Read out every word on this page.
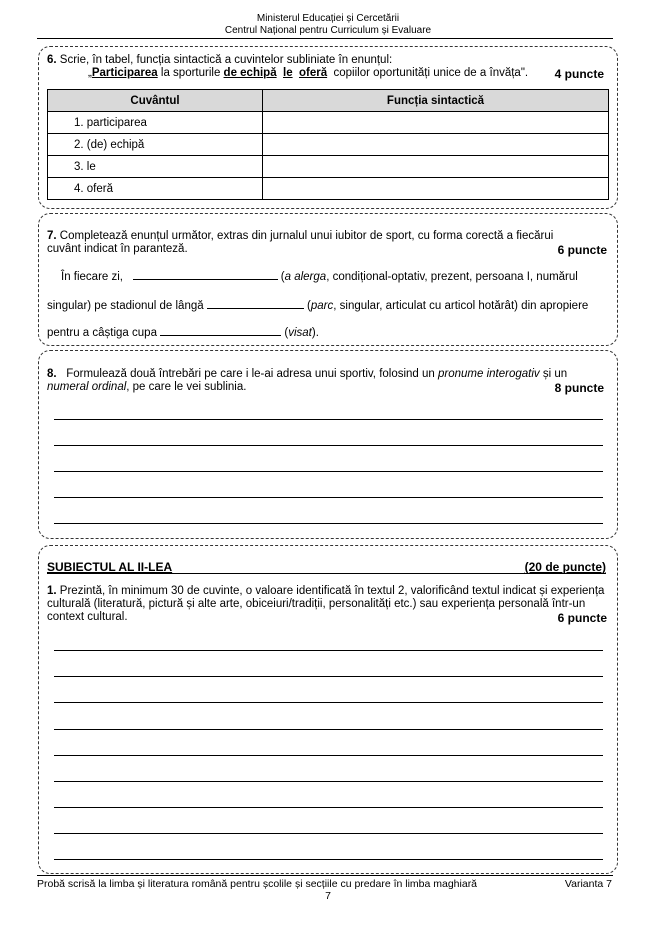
Ministerul Educației și Cercetării
Centrul Național pentru Curriculum și Evaluare
6. Scrie, în tabel, funcția sintactică a cuvintelor subliniate în enunțul:
„Participarea la sporturile de echipă le oferă  copiilor oportunități unice de a învăța". 4 puncte
Cuvântul	Funcția sintactică
1. participarea	
2. (de) echipă	
3. le	
4. oferă	
7. Completează enunțul următor, extras din jurnalul unui iubitor de sport, cu forma corectă a fiecărui
cuvânt indicat în paranteză.	6 puncte
În fiecare zi,	(a alerga, condițional-optativ, prezent, persoana I, numărul
singular) pe stadionul de lângă	(parc, singular, articulat cu articol hotărât) din apropiere
pentru a câștiga cupa	(visat).
8. Formulează două întrebări pe care i le-ai adresa unui sportiv, folosind un pronume interogativ și un
numeral ordinal, pe care le vei sublinia.	8 puncte
SUBIECTUL AL II-LEA	(20 de puncte)
1. Prezintă, în minimum 30 de cuvinte, o valoare identificată în textul 2, valorificând textul indicat și experiența
culturală (literatură, pictură și alte arte, obiceiuri/tradiții, personalități etc.) sau experiența personală într-un
context cultural.	6 puncte
Probă scrisă la limba și literatura română pentru școlile și secțiile cu predare în limba maghiară	Varianta 7
7
